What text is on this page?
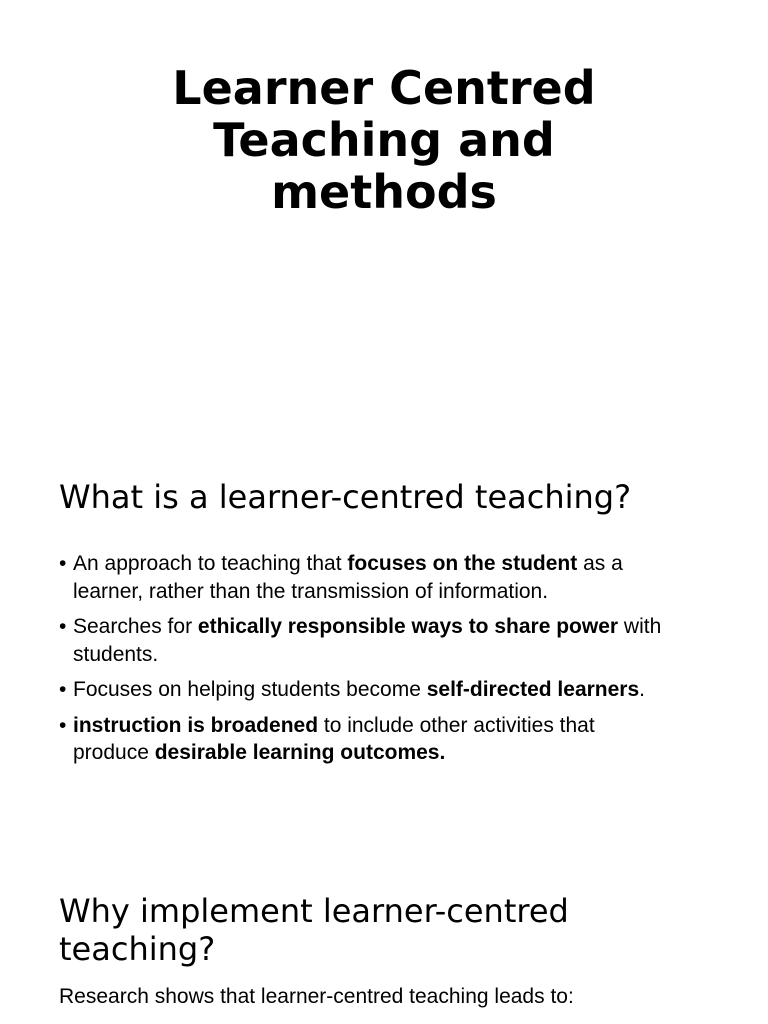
Learner Centred
Teaching and
methods
What is a learner-centred teaching?
• An approach to teaching that focuses on the student as a
learner, rather than the transmission of information.
• Searches for ethically responsible ways to share power with
students.
• Focuses on helping students become self-directed learners.
• instruction is broadened to include other activities that
produce desirable learning outcomes.
Why implement learner-centred
teaching?

Research shows that learner-centred teaching leads to:
